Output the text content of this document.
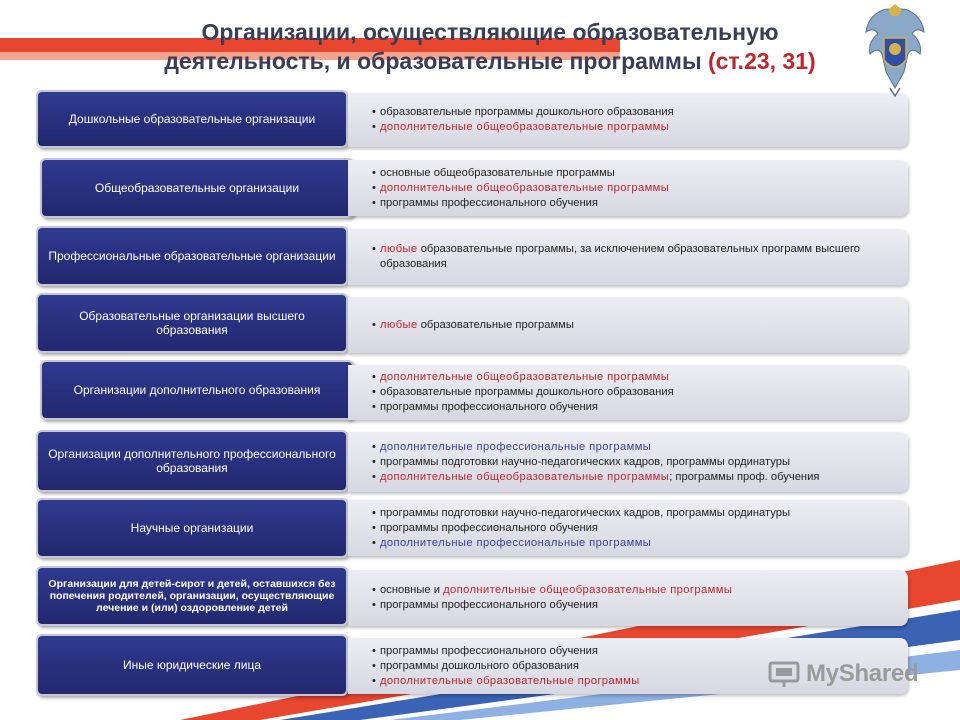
Организации, осуществляющие образовательную
деятельность, и образовательные программы (ст.23, 31)
Дошкольные образовательные организации	• образовательные программы дошкольного образования
• дополнительные общеобразовательные программы
Общеобразовательные организации
• основные общеобразовательные программы
• дополнительные общеобразовательные программы
• программы профессионального обучения
Профессиональные образовательные организации	• любые образовательные программы, за исключением образовательных программ высшего образования
Образовательные организации высшего образования	• любые образовательные программы
Организации дополнительного образования
• дополнительные общеобразовательные программы
• образовательные программы дошкольного образования
• программы профессионального обучения
Организации дополнительного профессионального образования
• дополнительные профессиональные программы
• программы подготовки научно-педагогических кадров, программы ординатуры
• дополнительные общеобразовательные программы; программы проф. обучения
Научные организации
• программы подготовки научно-педагогических кадров, программы ординатуры
• программы профессионального обучения
• дополнительные профессиональные программы
Организации для детей-сирот и детей, оставшихся без попечения родителей, организации, осуществляющие лечение и (или) оздоровление детей
• основные и дополнительные общеобразовательные программы
• программы профессионального обучения
Иные юридические лица
• программы профессионального обучения
• программы дошкольного образования
• дополнительные образовательные программы	MyShared
